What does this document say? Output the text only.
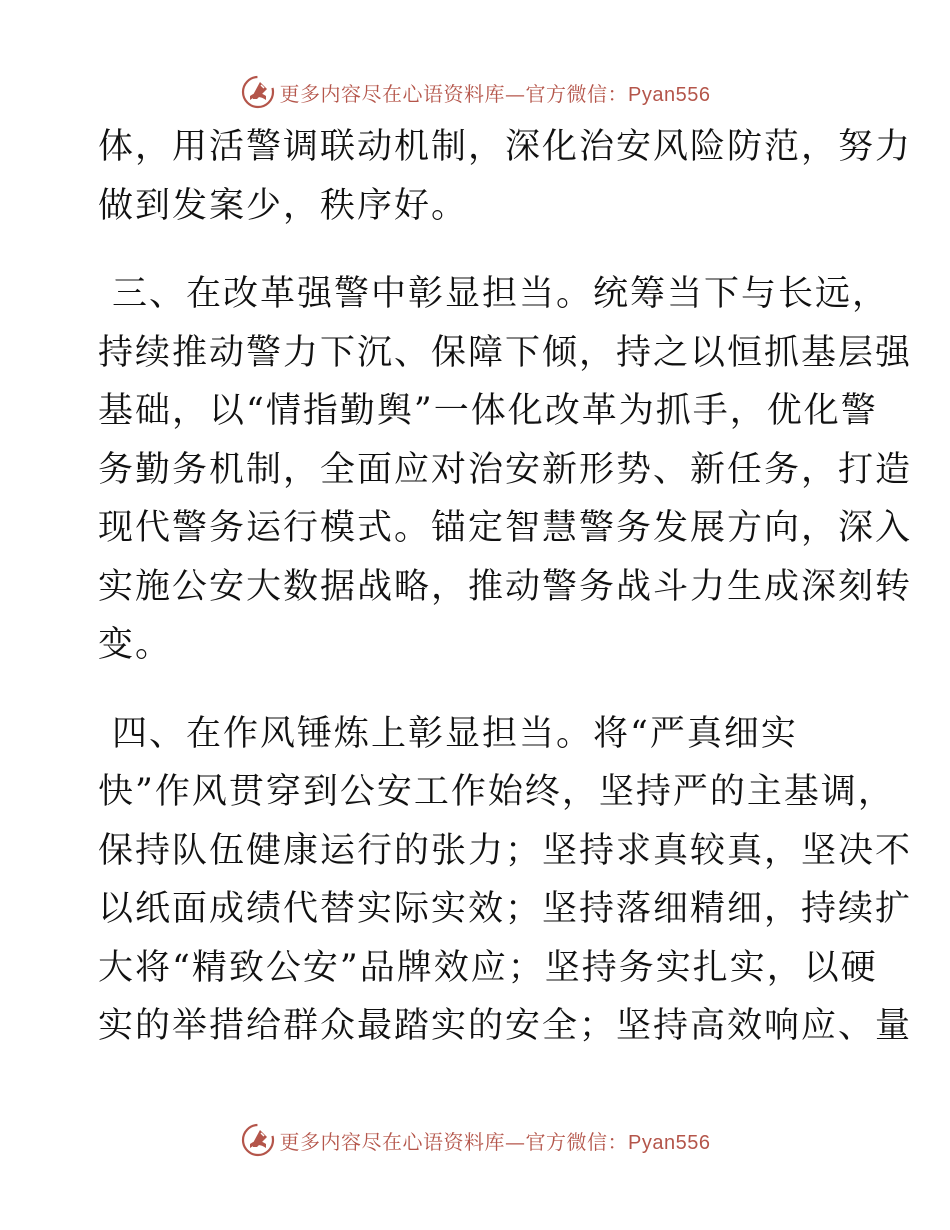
更多内容尽在心语资料库—官方微信：Pyan556
体，用活警调联动机制，深化治安风险防范，努力
做到发案少，秩序好。
三、在改革强警中彰显担当。统筹当下与长远，
持续推动警力下沉、保障下倾，持之以恒抓基层强
基础，以“情指勤舆”一体化改革为抓手，优化警
务勤务机制，全面应对治安新形势、新任务，打造
现代警务运行模式。锚定智慧警务发展方向，深入
实施公安大数据战略，推动警务战斗力生成深刻转
变。
四、在作风锤炼上彰显担当。将“严真细实
快”作风贯穿到公安工作始终，坚持严的主基调，
保持队伍健康运行的张力；坚持求真较真，坚决不
以纸面成绩代替实际实效；坚持落细精细，持续扩
大将“精致公安”品牌效应；坚持务实扎实，以硬
实的举措给群众最踏实的安全；坚持高效响应、量
更多内容尽在心语资料库—官方微信：Pyan556
